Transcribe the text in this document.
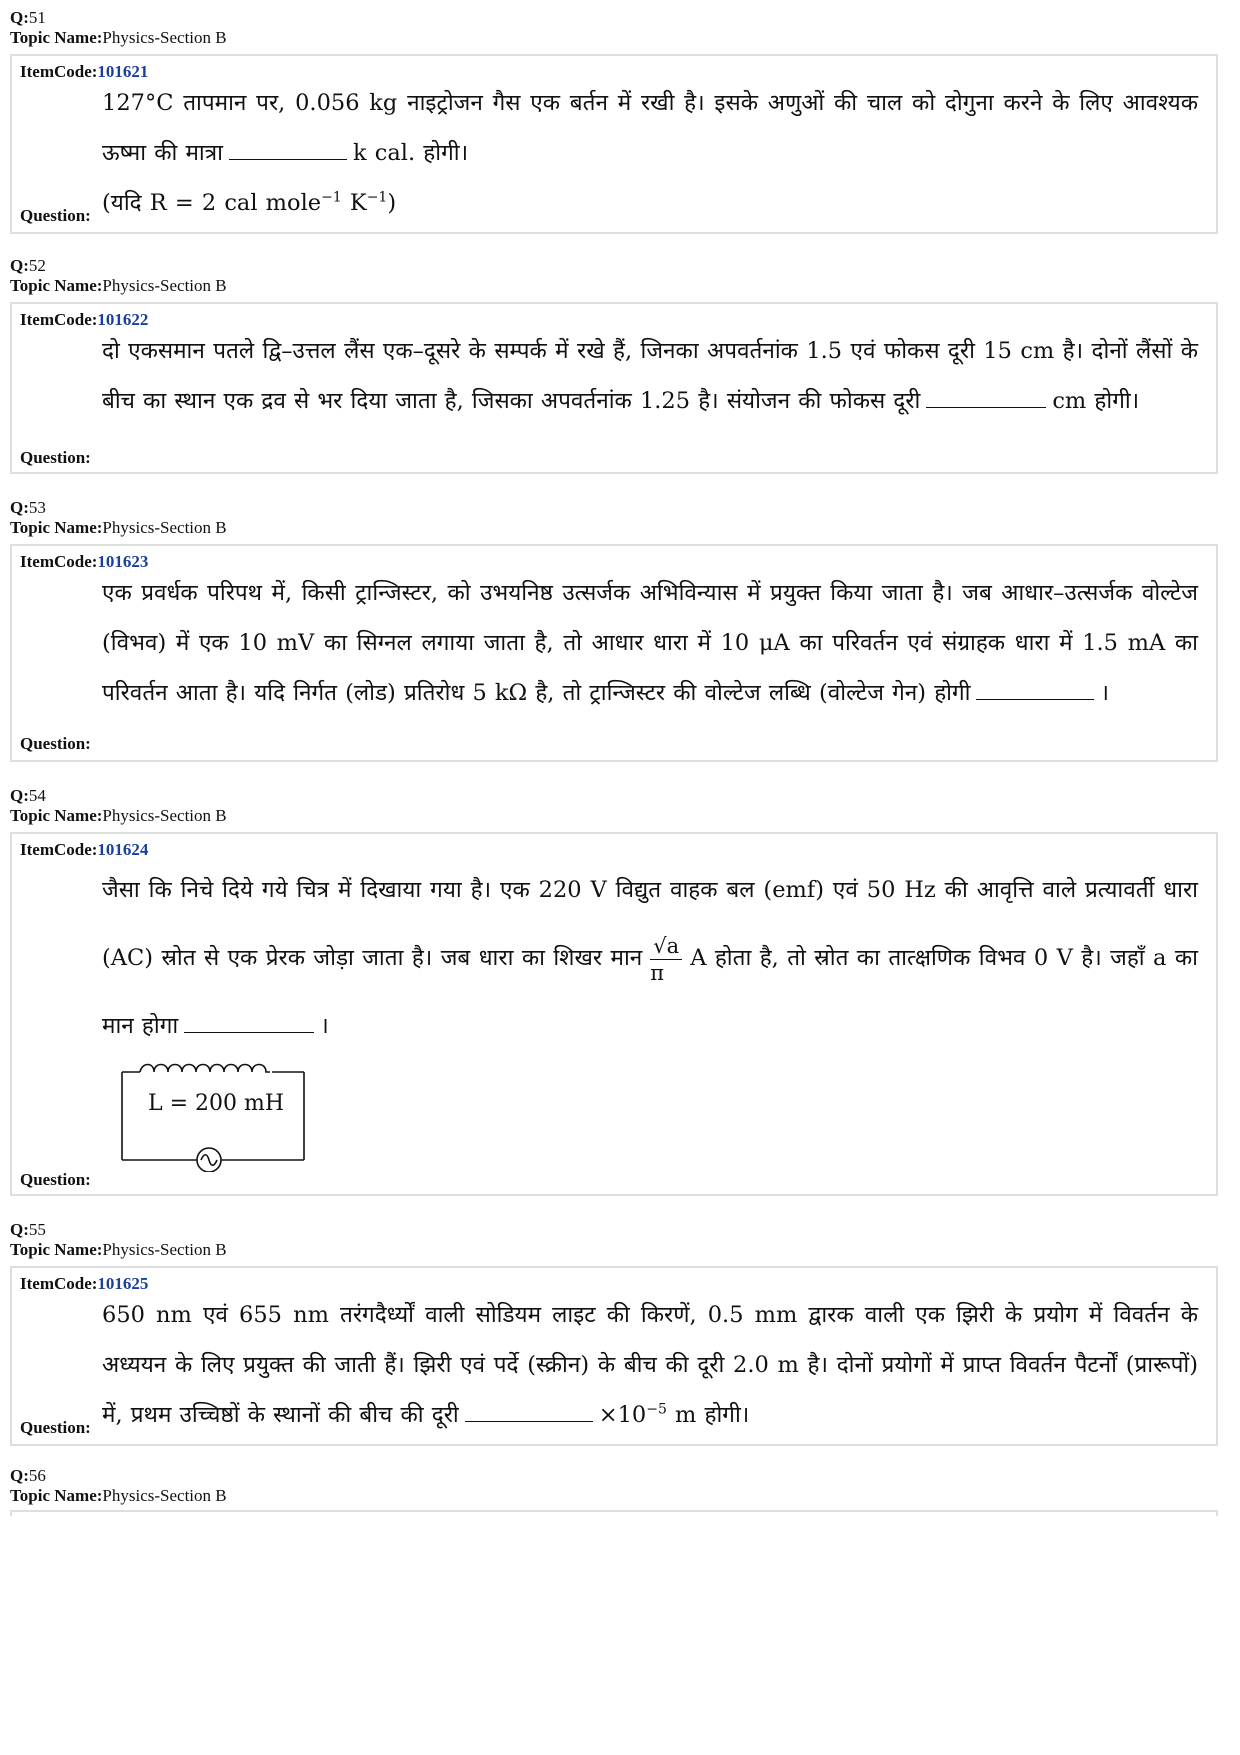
Q:51
Topic Name:Physics-Section B
ItemCode:101621
127°C तापमान पर, 0.056 kg नाइट्रोजन गैस एक बर्तन में रखी है। इसके अणुओं की चाल को दोगुना करने के लिए आवश्यक ऊष्मा की मात्रा	k cal. होगी।
(यदि R = 2 cal mole$^{-1}$ $K^{-1}$)
Question:
Q:52
Topic Name:Physics-Section B
ItemCode:101622
दो एकसमान पतले द्वि–उत्तल लैंस एक–दूसरे के सम्पर्क में रखे हैं, जिनका अपवर्तनांक 1.5 एवं फोकस दूरी 15 cm है। दोनों लैंसों के बीच का स्थान एक द्रव से भर दिया जाता है, जिसका अपवर्तनांक 1.25 है। संयोजन की फोकस दूरी	cm होगी।
Question:
Q:53
Topic Name:Physics-Section B
ItemCode:101623
एक प्रवर्धक परिपथ में, किसी ट्रान्जिस्टर, को उभयनिष्ठ उत्सर्जक अभिविन्यास में प्रयुक्त किया जाता है। जब आधार–उत्सर्जक वोल्टेज (विभव) में एक 10 mV का सिग्नल लगाया जाता है, तो आधार धारा में 10 μA का परिवर्तन एवं संग्राहक धारा में 1.5 mA का परिवर्तन आता है। यदि निर्गत (लोड) प्रतिरोध 5 kΩ है, तो ट्रान्जिस्टर की वोल्टेज लब्धि (वोल्टेज गेन) होगी	।
Question:
Q:54
Topic Name:Physics-Section B
ItemCode:101624
जैसा कि निचे दिये गये चित्र में दिखाया गया है। एक 220 V विद्युत वाहक बल (emf) एवं 50 Hz की आवृत्ति वाले प्रत्यावर्ती धारा (AC) स्रोत से एक प्रेरक जोड़ा जाता है। जब धारा का शिखर मान $\frac{√a}{\pi}$ A होता है, तो स्रोत का तात्क्षणिक विभव 0 V है। जहाँ a का मान होगा	।
L = 200 mH
Question:
Q:55
Topic Name:Physics-Section B
ItemCode:101625
650 nm एवं 655 nm तरंगदैर्ध्यों वाली सोडियम लाइट की किरणें, 0.5 mm द्वारक वाली एक झिरी के प्रयोग में विवर्तन के अध्ययन के लिए प्रयुक्त की जाती हैं। झिरी एवं पर्दे (स्क्रीन) के बीच की दूरी 2.0 m है। दोनों प्रयोगों में प्राप्त विवर्तन पैटर्नों (प्रारूपों) में, प्रथम उच्चिष्ठों के स्थानों की बीच की दूरी	$\times 10^{-5}$ m होगी।
Question:
Q:56
Topic Name:Physics-Section B
